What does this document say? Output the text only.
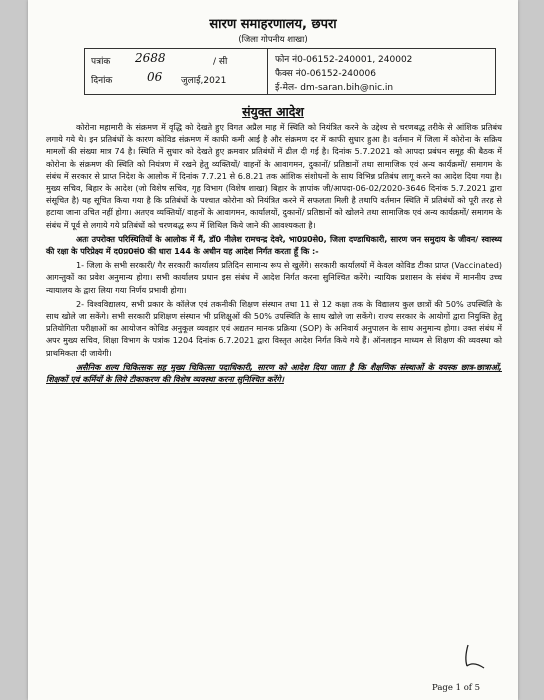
सारण समाहरणालय, छपरा
(जिला गोपनीय शाखा)
पत्रांक 2688	/ सी
दिनांक	06 जुलाई,2021
फोन नं0-06152-240001, 240002
फैक्स नं0-06152-240006
ई-मेल- dm-saran.bih@nic.in
संयुक्त आदेश

कोरोना महामारी के संक्रमण में वृद्धि को देखते हुए विगत अप्रैल माह में स्थिति को नियंत्रित करने के उद्देश्य से चरणबद्ध तरीके से आंशिक प्रतिबंध लगाये गये थे। इन प्रतिबंधों के कारण कोविड संक्रमण में काफी कमी आई है और संक्रमण दर में काफी सुधार हुआ है। वर्तमान में जिला में कोरोना के सक्रिय मामलों की संख्या मात्र 74 है। स्थिति में सुधार को देखते हुए क्रमवार प्रतिबंधों में ढील दी गई है। दिनांक 5.7.2021 को आपदा प्रबंधन समूह की बैठक में कोरोना के संक्रमण की स्थिति को नियंत्रण में रखने हेतु व्यक्तियों/ वाहनों के आवागमन, दुकानों/ प्रतिष्ठानों तथा सामाजिक एवं अन्य कार्यक्रमों/ समागम के संबंध में सरकार से प्राप्त निदेश के आलोक में दिनांक 7.7.21 से 6.8.21 तक आंशिक संशोधनों के साथ विभिन्न प्रतिबंध लागू करने का आदेश दिया गया है। मुख्य सचिव, बिहार के आदेश (जो विशेष सचिव, गृह विभाग (विशेष शाखा) बिहार के ज्ञापांक जी/आपदा-06-02/2020-3646 दिनांक 5.7.2021 द्वारा संसूचित है) यह सूचित किया गया है कि प्रतिबंधों के पश्चात कोरोना को नियंत्रित करने में सफलता मिली है तथापि वर्तमान स्थिति में प्रतिबंधों को पूरी तरह से हटाया जाना उचित नहीं होगा। अतएव व्यक्तियों/ वाहनों के आवागमन, कार्यालयों, दुकानों/ प्रतिष्ठानों को खोलने तथा सामाजिक एवं अन्य कार्यक्रमों/ समागम के संबंध में पूर्व से लगाये गये प्रतिबंधों को चरणबद्ध रूप में शिथिल किये जाने की आवश्यकता है।

अतः उपरोक्त परिस्थितियों के आलोक में मैं, डॉ0 नीलेश रामचन्द्र देवरे, भा0प्र0से0, जिला दण्डाधिकारी, सारण जन समुदाय के जीवन/ स्वास्थ्य की रक्षा के परिप्रेक्ष्य में द0प्र0सं0 की धारा 144 के अधीन यह आदेश निर्गत करता हूँ कि :-

1- जिला के सभी सरकारी/ गैर सरकारी कार्यालय प्रतिदिन सामान्य रूप से खुलेंगे। सरकारी कार्यालयों में केवल कोविड टीका प्राप्त (Vaccinated) आगन्तुकों का प्रवेश अनुमान्य होगा। सभी कार्यालय प्रधान इस संबंध में आदेश निर्गत करना सुनिश्चित करेंगे। न्यायिक प्रशासन के संबंध में माननीय उच्च न्यायालय के द्वारा लिया गया निर्णय प्रभावी होगा।

2- विश्वविद्यालय, सभी प्रकार के कॉलेज एवं तकनीकी शिक्षण संस्थान तथा 11 से 12 कक्षा तक के विद्यालय कुल छात्रों की 50% उपस्थिति के साथ खोले जा सकेंगे। सभी सरकारी प्रशिक्षण संस्थान भी प्रशिक्षुओं की 50% उपस्थिति के साथ खोले जा सकेंगे। राज्य सरकार के आयोगों द्वारा नियुक्ति हेतु प्रतियोगिता परीक्षाओं का आयोजन कोविड अनुकूल व्यवहार एवं अद्यतन मानक प्रक्रिया (SOP) के अनिवार्य अनुपालन के साथ अनुमान्य होगा। उक्त संबंध में अपर मुख्य सचिव, शिक्षा विभाग के पत्रांक 1204 दिनांक 6.7.2021 द्वारा विस्तृत आदेश निर्गत किये गये हैं। ऑनलाइन माध्यम से शिक्षण की व्यवस्था को प्राथमिकता दी जायेगी।

असैनिक शल्य चिकित्सक सह मुख्य चिकित्सा पदाधिकारी, सारण को आदेश दिया जाता है कि शैक्षणिक संस्थाओं के वयस्क छात्र-छात्राओं, शिक्षकों एवं कर्मियों के लिये टीकाकरण की विशेष व्यवस्था करना सुनिश्चित करेंगे।

Page 1 of 5
